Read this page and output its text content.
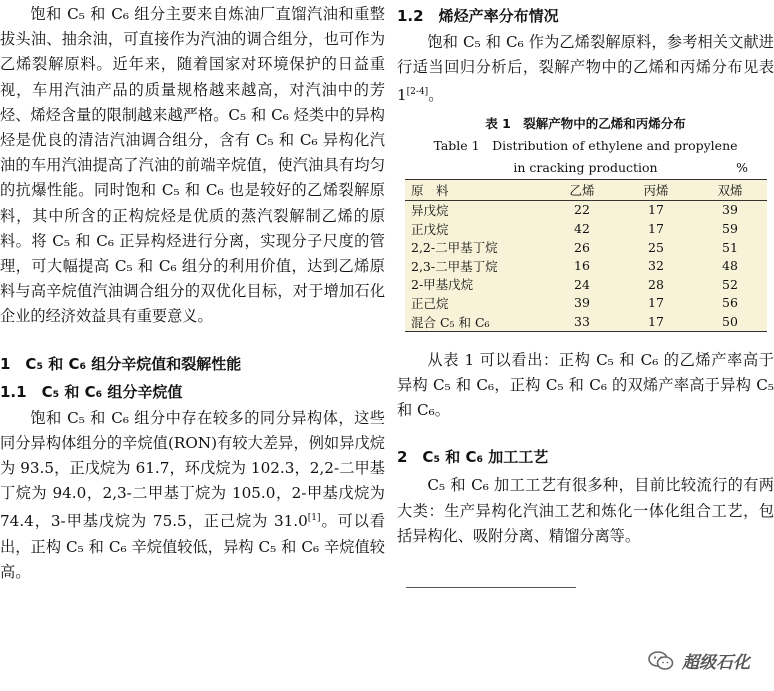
饱和 C₅ 和 C₆ 组分主要来自炼油厂直馏汽油和重整拔头油、抽余油，可直接作为汽油的调合组分，也可作为乙烯裂解原料。近年来，随着国家对环境保护的日益重视，车用汽油产品的质量规格越来越高，对汽油中的芳烃、烯烃含量的限制越来越严格。C₅ 和 C₆ 烃类中的异构烃是优良的清洁汽油调合组分，含有 C₅ 和 C₆ 异构化汽油的车用汽油提高了汽油的前端辛烷值，使汽油具有均匀的抗爆性能。同时饱和 C₅ 和 C₆ 也是较好的乙烯裂解原料，其中所含的正构烷烃是优质的蒸汽裂解制乙烯的原料。将 C₅ 和 C₆ 正异构烃进行分离，实现分子尺度的管理，可大幅提高 C₅ 和 C₆ 组分的利用价值，达到乙烯原料与高辛烷值汽油调合组分的双优化目标，对于增加石化企业的经济效益具有重要意义。

1　C₅ 和 C₆ 组分辛烷值和裂解性能

1.1　C₅ 和 C₆ 组分辛烷值

饱和 C₅ 和 C₆ 组分中存在较多的同分异构体，这些同分异构体组分的辛烷值(RON)有较大差异，例如异戊烷为 93.5，正戊烷为 61.7，环戊烷为 102.3，2,2-二甲基丁烷为 94.0，2,3-二甲基丁烷为 105.0，2-甲基戊烷为 74.4，3-甲基戊烷为 75.5，正己烷为 31.0[1]。可以看出，正构 C₅ 和 C₆ 辛烷值较低，异构 C₅ 和 C₆ 辛烷值较高。

1.2　烯烃产率分布情况

饱和 C₅ 和 C₆ 作为乙烯裂解原料，参考相关文献进行适当回归分析后，裂解产物中的乙烯和丙烯分布见表 1[2-4]。

表 1　裂解产物中的乙烯和丙烯分布
Table 1　Distribution of ethylene and propylene
in cracking production	%
原　料	乙烯	丙烯	双烯
异戊烷	22	17	39
正戊烷	42	17	59
2,2-二甲基丁烷	26	25	51
2,3-二甲基丁烷	16	32	48
2-甲基戊烷	24	28	52
正己烷	39	17	56
混合 C₅ 和 C₆	33	17	50

从表 1 可以看出：正构 C₅ 和 C₆ 的乙烯产率高于异构 C₅ 和 C₆，正构 C₅ 和 C₆ 的双烯产率高于异构 C₅ 和 C₆。

2　C₅ 和 C₆ 加工工艺

C₅ 和 C₆ 加工工艺有很多种，目前比较流行的有两大类：生产异构化汽油工艺和炼化一体化组合工艺，包括异构化、吸附分离、精馏分离等。

超级石化
